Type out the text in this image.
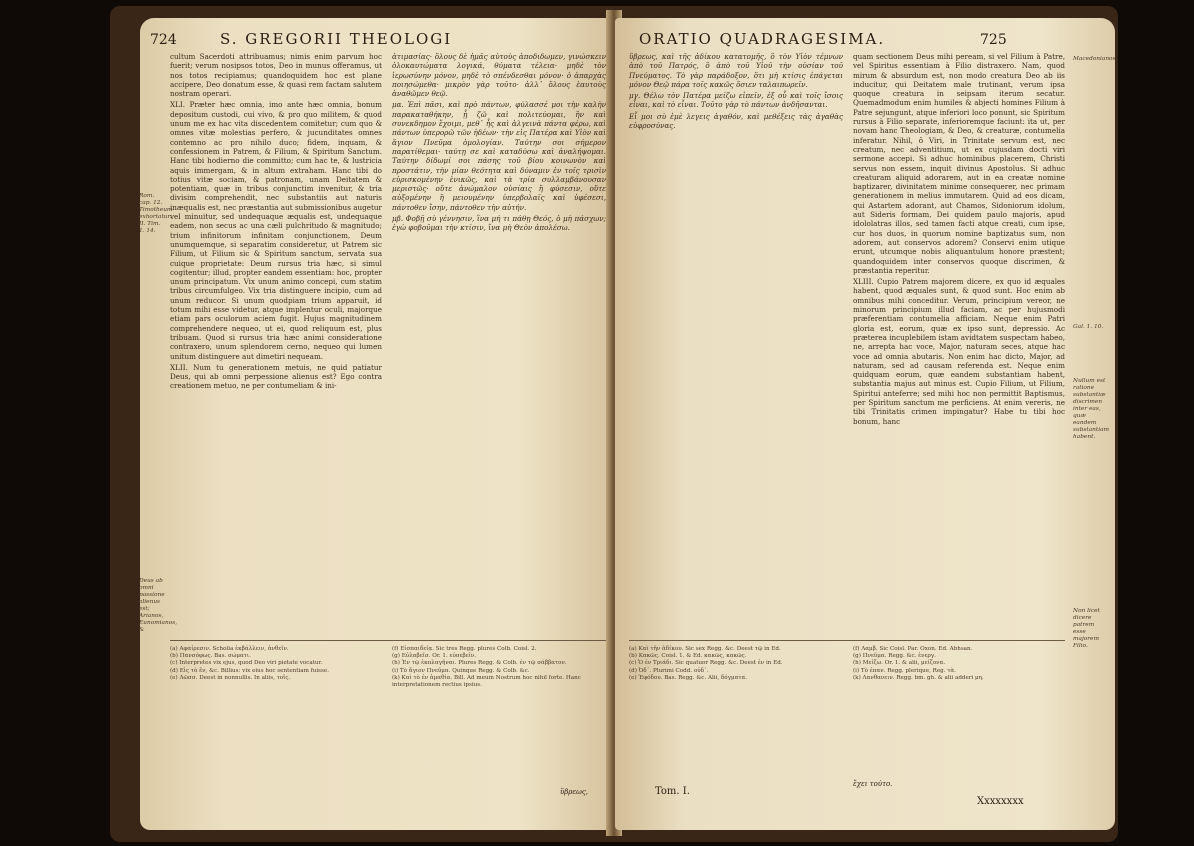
724	S. GREGORII THEOLOGI
Rom. cap. 12. Timotheum exhortatur. II. Tim. 1. 14.
Deus ab omni passione alienus est; Arianos, Eunomianos, &

cultum Sacerdoti attribuamus; nimis enim parvum hoc fuerit; verum nosipsos totos, Deo in munus offeramus, ut nos totos recipiamus; quandoquidem hoc est plane accipere, Deo donatum esse, & quasi rem factam salutem nostram operari.

XLI. Præter hæc omnia, imo ante hæc omnia, bonum depositum custodi, cui vivo, & pro quo militem, & quod unum me ex hac vita discedentem comitetur; cum quo & omnes vitæ molestias perfero, & jucunditates omnes contemno ac pro nihilo duco; fidem, inquam, & confessionem in Patrem, & Filium, & Spiritum Sanctum. Hanc tibi hodierno die committo; cum hac te, & lustricia aquis immergam, & in altum extraham. Hanc tibi do totius vitæ sociam, & patronam, unam Deitatem & potentiam, quæ in tribus conjunctim invenitur, & tria divisim comprehendit, nec substantiis aut naturis inæqualis est, nec præstantia aut submissionibus augetur vel minuitur, sed undequaque æqualis est, undequaque eadem, non secus ac una cæli pulchritudo & magnitudo; trium infinitorum infinitam conjunctionem, Deum unumquemque, si separatim consideretur, ut Patrem sic Filium, ut Filium sic & Spiritum sanctum, servata sua cuique proprietate: Deum rursus tria hæc, si simul cogitentur; illud, propter eandem essentiam: hoc, propter unum principatum. Vix unum animo concepi, cum statim tribus circumfulgeo. Vix tria distinguere incipio, cum ad unum reducor. Si unum quodpiam trium apparuit, id totum mihi esse videtur, atque implentur oculi, majorque etiam pars oculorum aciem fugit. Hujus magnitudinem comprehendere nequeo, ut ei, quod reliquum est, plus tribuam. Quod si rursus tria hæc animi consideratione contraxero, unum splendorem cerno, nequeo qui lumen unitum distinguere aut dimetiri nequeam.

XLII. Num tu generationem metuis, ne quid patiatur Deus, qui ab omni perpessione alienus est? Ego contra creationem metuo, ne per contumeliam & ini-

ἀτιμασίας· ὅλους δὲ ἡμᾶς αὐτοὺς ἀποδιδωμεν, γινώσκειν ὁλοκαυτώματα λογικά, θύματα τέλεια· μηδὲ τὸν ἱερωσύνην μόνον, μηδὲ τὸ σπένδεσθαι μόνον· ὁ ἀπαρχὰς ποιησώμεθα· μικρὸν γὰρ τοῦτο· ἀλλ᾽ ὅλους ἐαυτοὺς ἀναθῶμεν θεῷ.

μα. Ἐπὶ πᾶσι, καὶ πρὸ πάντων, φύλασσέ μοι τὴν καλὴν παρακαταθήκην, ᾗ ζῶ καὶ πολιτεύομαι, ἣν καὶ συνεκδημον ἔχοιμι, μεθ᾽ ἧς καὶ ἀλγεινὰ πάντα φέρω, καὶ πάντων ὑπερορῶ τῶν ἡδέων· τὴν εἰς Πατέρα καὶ Υἱὸν καὶ ἅγιον Πνεῦμα ὁμολογίαν. Ταύτην σοι σήμερον παρατίθεμαι· ταύτῃ σε καὶ καταδύσω καὶ ἀναλήψομαι. Ταύτην δίδωμί σοι πάσης τοῦ βίου κοινωνὸν καὶ προστάτιν, τὴν μίαν θεότητα καὶ δύναμιν ἐν τοῖς τρισὶν εὑρισκομένην ἑνικῶς, καὶ τὰ τρία συλλαμβάνουσαν μεριστῶς· οὔτε ἀνώμαλον οὐσίαις ἢ φύσεσιν, οὔτε αὐξομένην ἢ μειουμένην ὑπερβολαῖς καὶ ὑφέσεσι, πάντοθεν ἴσην, πάντοθεν τὴν αὐτήν.

μβ. Φοβῇ σὺ γέννησιν, ἵνα μή τι πάθῃ Θεός, ὁ μὴ πάσχων; ἐγὼ φοβοῦμαι τὴν κτίσιν, ἵνα μὴ Θεὸν ἀπολέσω.

(a) Αφαίρεσιν. Scholia ἐκβάλλειν, ἀνθεῖν.
(b) Πανσόφως. Bas. σώματι.
(c) Interpretes vix ejus, quod Deo viri pietate vocatur.
(d) Εἰς τὸ ἕν, &c. Billius: vix eius hoc sententiam fuisse.
(e) Λῶσσ. Deest in nonnullis. In aliis, τοῖς.
(f) Εἰσπαιδείᾳ. Sic tres Regg. plures Colb. Coisl. 2.
(g) Εὐλαβεῖσ. Or. 1. εὐσεβεῖν.
(h) Ἐν τῷ ἐκπλαγῆναι. Plures Regg. & Colb. ἐν τῷ σάββατον.
(i) Τὸ ἅγιον Πνεῦμα. Quinque Regg. & Colb. &c.
(k) Καὶ τὸ ἐν ἀμαθία. Bill. Ad meum Nostrum hoc nihil forte. Hanc interpretationem rectius ipsius.
ὕβρεως,
ORATIO QUADRAGESIMA.	725

ὕβρεως, καὶ τῆς ἀδίκου κατατομῆς, ὃ τὸν Υἱὸν τέμνων ἀπὸ τοῦ Πατρός, ὃ ἀπὸ τοῦ Υἱοῦ τὴν οὐσίαν τοῦ Πνεύματος. Τὸ γὰρ παράδοξον, ὅτι μὴ κτίσις ἐπάγεται μόνον Θεῷ πάρα τοῖς κακῶς ὅσιεν ταλαιπωρεῖν.

μγ. Θέλω τὸν Πατέρα μείζω εἰπεῖν, ἐξ οὗ καὶ τοῖς ἴσοις εἶναι, καὶ τὸ εἶναι. Τοῦτο γὰρ τὸ πάντων ἀνδῆσανται.

Εἶ μοι σὺ ἐμὲ λεγεις ἀγαθόν, καὶ μεθέξεις τὰς ἀγαθὰς εὐφροσύνας.

quam sectionem Deus mihi peream, si vel Filium à Patre, vel Spiritus essentiam à Filio distraxero. Nam, quod mirum & absurdum est, non modo creatura Deo ab iis inducitur, qui Deitatem male trutinant, verum ipsa quoque creatura in seipsam iterum secatur. Quemadmodum enim humiles & abjecti homines Filium à Patre sejungunt, atque inferiori loco ponunt, sic Spiritum rursus à Filio separate, inferioremque faciunt: ita ut, per novam hanc Theologiam, & Deo, & creaturæ, contumelia inferatur. Nihil, ô Viri, in Trinitate servum est, nec creatum, nec adventitium, ut ex cujusdam docti viri sermone accepi. Si adhuc hominibus placerem, Christi servus non essem, inquit divinus Apostolus. Si adhuc creaturam aliquid adorarem, aut in ea creatæ nomine baptizarer, divinitatem minime consequerer, nec primam generationem in melius immutarem. Quid ad eos dicam, qui Astartem adorant, aut Chamos, Sidoniorum idolum, aut Sideris formam, Dei quidem paulo majoris, apud idololatras illos, sed tamen facti atque creati, cum ipse, cur hos duos, in quorum nomine baptizatus sum, non adorem, aut conservos adorem? Conservi enim utique erunt, utcumque nobis aliquantulum honore præstent; quandoquidem inter conservos quoque discrimen, & præstantia reperitur.

XLIII. Cupio Patrem majorem dicere, ex quo id æquales habent, quod æquales sunt, & quod sunt. Hoc enim ab omnibus mihi conceditur. Verum, principium vereor, ne minorum principium illud faciam, ac per hujusmodi præferentiam contumelia afficiam. Neque enim Patri gloria est, eorum, quæ ex ipso sunt, depressio. Ac præterea incuplebilem istam avidtatem suspectam habeo, ne, arrepta hac voce, Major, naturam seces, atque hac voce ad omnia abutaris. Non enim hac dicto, Major, ad naturam, sed ad causam referenda est. Neque enim quidquam eorum, quæ eandem substantiam habent, substantia majus aut minus est. Cupio Filium, ut Filium, Spiritui anteferre; sed mihi hoc non permittit Baptismus, per Spiritum sanctum me perficiens. At enim vereris, ne tibi Trinitatis crimen impingatur? Habe tu tibi hoc bonum, hanc

Macedonianos.
Gal. 1. 10.
Nullum est ratione substantiæ discrimen inter eas, quæ eandem substantiam habent.
Non licet dicere patrem esse majorem Filio.
(a) Καὶ τῆν ἀδίκου. Sic sex Regg. &c. Deest τῷ in Ed.
(b) Κακῶς. Coisl. 1. & Ed. κακῶς, κακῶς.
(c) Ὁ ἐν Τριάδι. Sic quatuor Regg. &c. Deest ἐν in Ed.
(d) Ὀδ᾽. Plurimi Codd. οὐδ᾽.
(e) Ἐφόδου. Bas. Regg. &c. Alii, δόγματα.
(f) Λαμβ. Sic Coisl. Par. Oxon. Ed. Abhsan.
(g) Πνεῦμα. Regg. &c. ἐνεργ.
(h) Μείζω. Or. 1. & alii, μείζονα.
(i) Τὸ ἐπαν. Regg. plerique, Reg. τὰ.
(k) Λανθανειν. Regg. bm. gh. & alii adderi μη.
Tom. I.
Xxxxxxxx
ἔχει τούτο.
